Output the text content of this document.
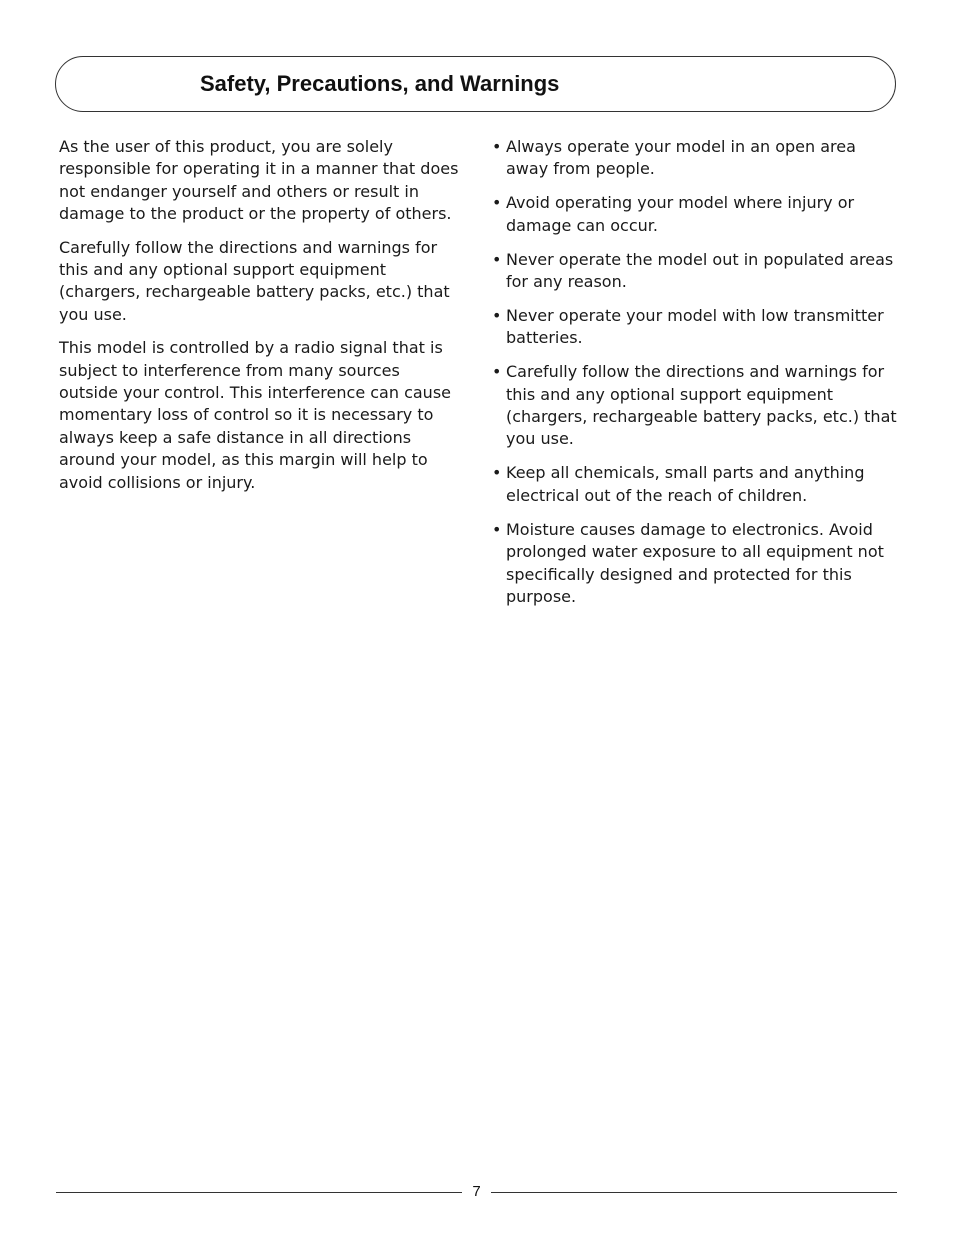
Safety, Precautions, and Warnings

As the user of this product, you are solely responsible for operating it in a manner that does not endanger yourself and others or result in damage to the product or the property of others.

Carefully follow the directions and warnings for this and any optional support equipment (chargers, rechargeable battery packs, etc.) that you use.

This model is controlled by a radio signal that is subject to interference from many sources outside your control. This interference can cause momentary loss of control so it is necessary to always keep a safe distance in all directions around your model, as this margin will help to avoid collisions or injury.

• Always operate your model in an open area away from people.
• Avoid operating your model where injury or damage can occur.
• Never operate the model out in populated areas for any reason.
• Never operate your model with low transmitter batteries.
• Carefully follow the directions and warnings for this and any optional support equipment (chargers, rechargeable battery packs, etc.) that you use.
• Keep all chemicals, small parts and anything electrical out of the reach of children.
• Moisture causes damage to electronics. Avoid prolonged water exposure to all equipment not specifically designed and protected for this purpose.
7
